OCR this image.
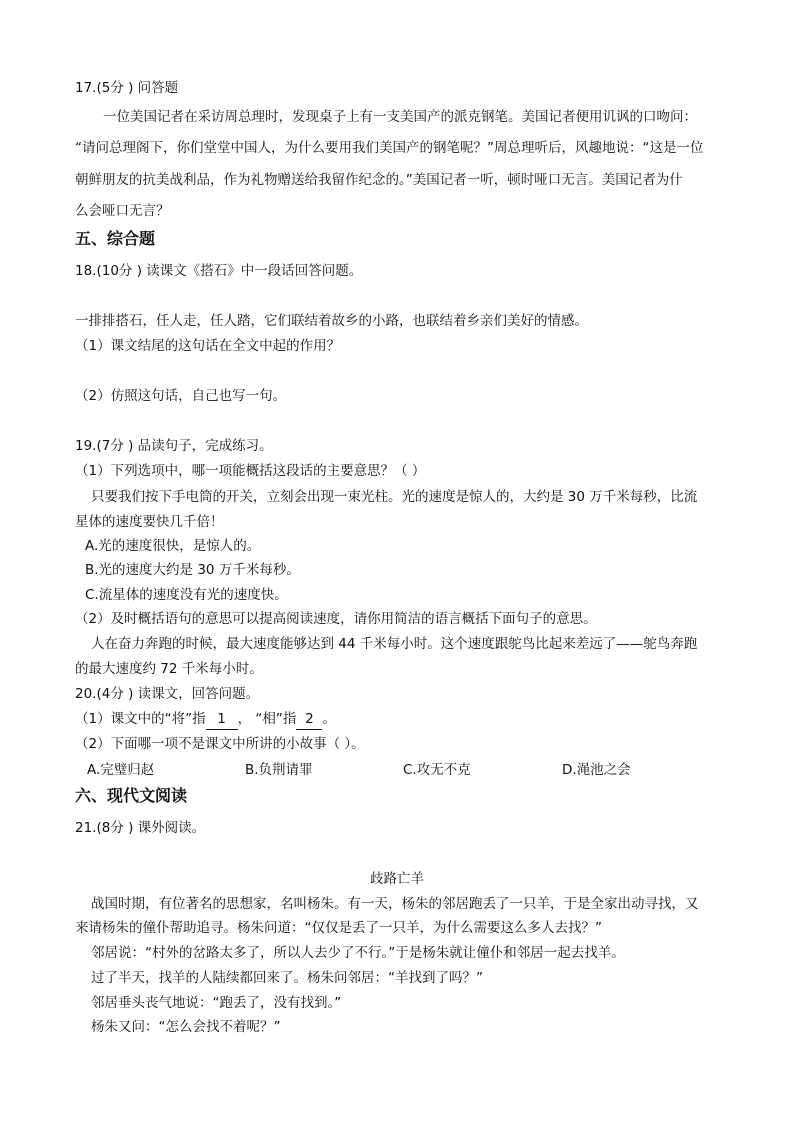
17.(5分 ) 问答题
一位美国记者在采访周总理时，发现桌子上有一支美国产的派克钢笔。美国记者便用讥讽的口吻问：
“请问总理阁下，你们堂堂中国人，为什么要用我们美国产的钢笔呢？”周总理听后，风趣地说：“这是一位
朝鲜朋友的抗美战利品，作为礼物赠送给我留作纪念的。”美国记者一听，顿时哑口无言。美国记者为什
么会哑口无言？
五、综合题
18.(10分 ) 读课文《搭石》中一段话回答问题。
一排排搭石，任人走，任人踏，它们联结着故乡的小路，也联结着乡亲们美好的情感。
（1）课文结尾的这句话在全文中起的作用？
（2）仿照这句话，自己也写一句。
19.(7分 ) 品读句子，完成练习。
（1）下列选项中，哪一项能概括这段话的主要意思？（ ）
只要我们按下手电筒的开关，立刻会出现一束光柱。光的速度是惊人的，大约是 30 万千米每秒，比流
星体的速度要快几千倍！
A.光的速度很快，是惊人的。
B.光的速度大约是 30 万千米每秒。
C.流星体的速度没有光的速度快。
（2）及时概括语句的意思可以提高阅读速度，请你用简洁的语言概括下面句子的意思。
人在奋力奔跑的时候，最大速度能够达到 44 千米每小时。这个速度跟鸵鸟比起来差远了——鸵鸟奔跑
的最大速度约 72 千米每小时。
20.(4分 ) 读课文，回答问题。
（1）课文中的“将”指 1 ， “相”指 2 。
（2）下面哪一项不是课文中所讲的小故事（ ）。
A.完璧归赵	B.负荆请罪	C.攻无不克	D.渑池之会
六、现代文阅读
21.(8分 ) 课外阅读。
歧路亡羊
战国时期，有位著名的思想家，名叫杨朱。有一天，杨朱的邻居跑丢了一只羊，于是全家出动寻找，又
来请杨朱的僮仆帮助追寻。杨朱问道：“仅仅是丢了一只羊，为什么需要这么多人去找？”
邻居说：“村外的岔路太多了，所以人去少了不行。”于是杨朱就让僮仆和邻居一起去找羊。
过了半天，找羊的人陆续都回来了。杨朱问邻居：“羊找到了吗？”
邻居垂头丧气地说：“跑丢了，没有找到。”
杨朱又问：“怎么会找不着呢？”
